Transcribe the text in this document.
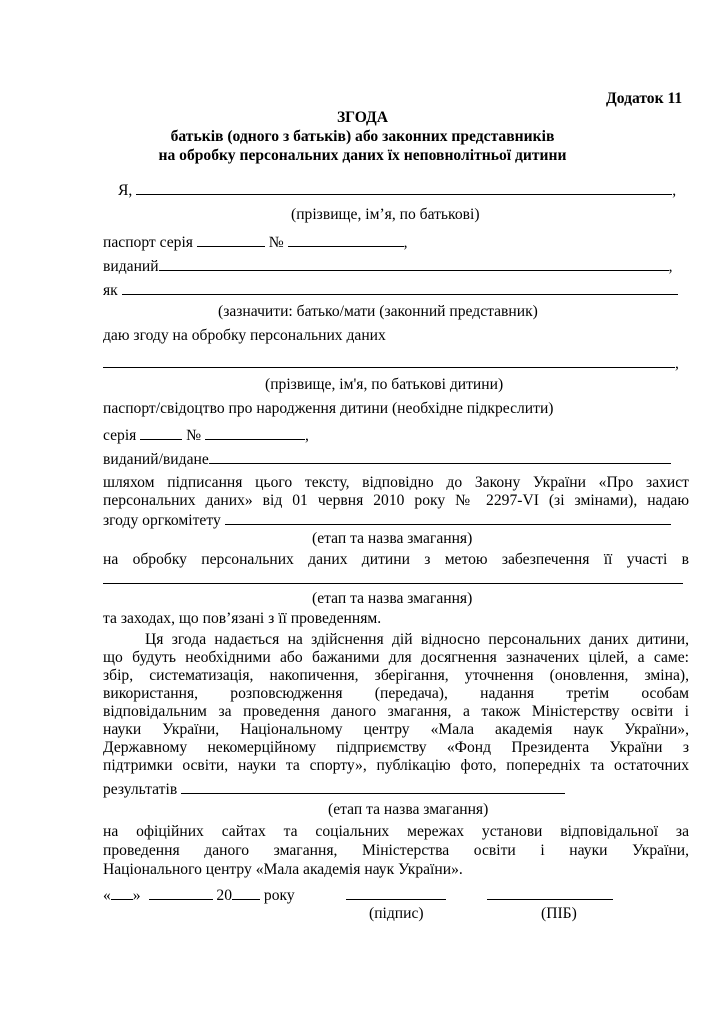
Додаток 11
ЗГОДА
батьків (одного з батьків) або законних представників
на обробку персональних даних їх неповнолітньої дитини
Я,	,
(прізвище, ім’я, по батькові)
паспорт серія	№	,
виданий	,
як
(зазначити: батько/мати (законний представник)
даю згоду на обробку персональних даних
,
(прізвище, ім'я, по батькові дитини)
паспорт/свідоцтво про народження дитини (необхідне підкреслити)
серія	№	,
виданий/видане
шляхом підписання цього тексту, відповідно до Закону України «Про захист
персональних даних» від 01 червня 2010 року № 2297-VI (зі змінами), надаю
згоду оргкомітету
(етап та назва змагання)
на обробку персональних даних дитини з метою забезпечення її участі в
(етап та назва змагання)
та заходах, що пов’язані з її проведенням.
Ця згода надається на здійснення дій відносно персональних даних дитини,
що будуть необхідними або бажаними для досягнення зазначених цілей, а саме:
збір, систематизація, накопичення, зберігання, уточнення (оновлення, зміна),
використання, розповсюдження (передача), надання третім особам
відповідальним за проведення даного змагання, а також Міністерству освіти і
науки України, Національному центру «Мала академія наук України»,
Державному некомерційному підприємству «Фонд Президента України з
підтримки освіти, науки та спорту», публікацію фото, попередніх та остаточних
результатів
(етап та назва змагання)
на офіційних сайтах та соціальних мережах установи відповідальної за
проведення даного змагання, Міністерства освіти і науки України,
Національного центру «Мала академія наук України».
« »	20 року
(підпис)	(ПІБ)
